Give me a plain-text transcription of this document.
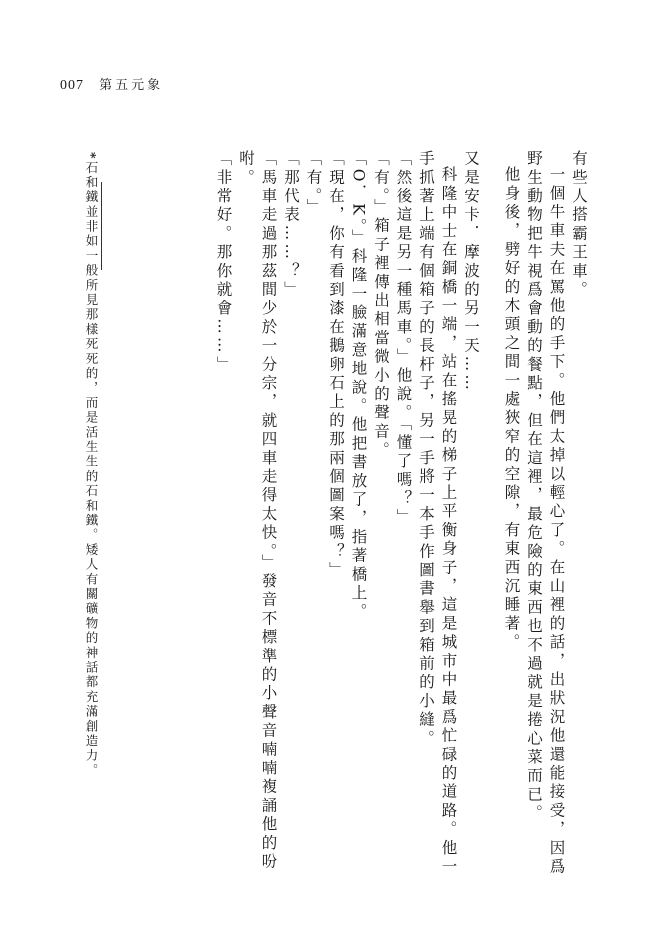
007 第五元象

有些人搭霸王車。

一個牛車夫在罵他的手下。他們太掉以輕心了。在山裡的話，出狀況他還能接受，因爲野生動物把牛視爲會動的餐點，但在這裡，最危險的東西也不過就是捲心菜而已。

他身後，劈好的木頭之間一處狹窄的空隙，有東西沉睡著。

又是安卡．摩波的另一天……

科隆中士在銅橋一端，站在搖晃的梯子上平衡身子，這是城市中最爲忙碌的道路。他一手抓著上端有個箱子的長杆子，另一手將一本手作圖書舉到箱前的小縫。

「然後這是另一種馬車。」他說。「懂了嗎？」

「有。」箱子裡傳出相當微小的聲音。

「O．K。」科隆一臉滿意地說。他把書放了，指著橋上。

「現在，你有看到漆在鵝卵石上的那兩個圖案嗎？」

「有。」

「那代表……？」

「馬車走過那茲間少於一分宗，就四車走得太快。」發音不標準的小聲音喃喃複誦他的吩咐。

「非常好。那你就會……」

*石和鐵並非如一般所見那樣死死的，而是活生生的石和鐵。矮人有關礦物的神話都充滿創造力。
